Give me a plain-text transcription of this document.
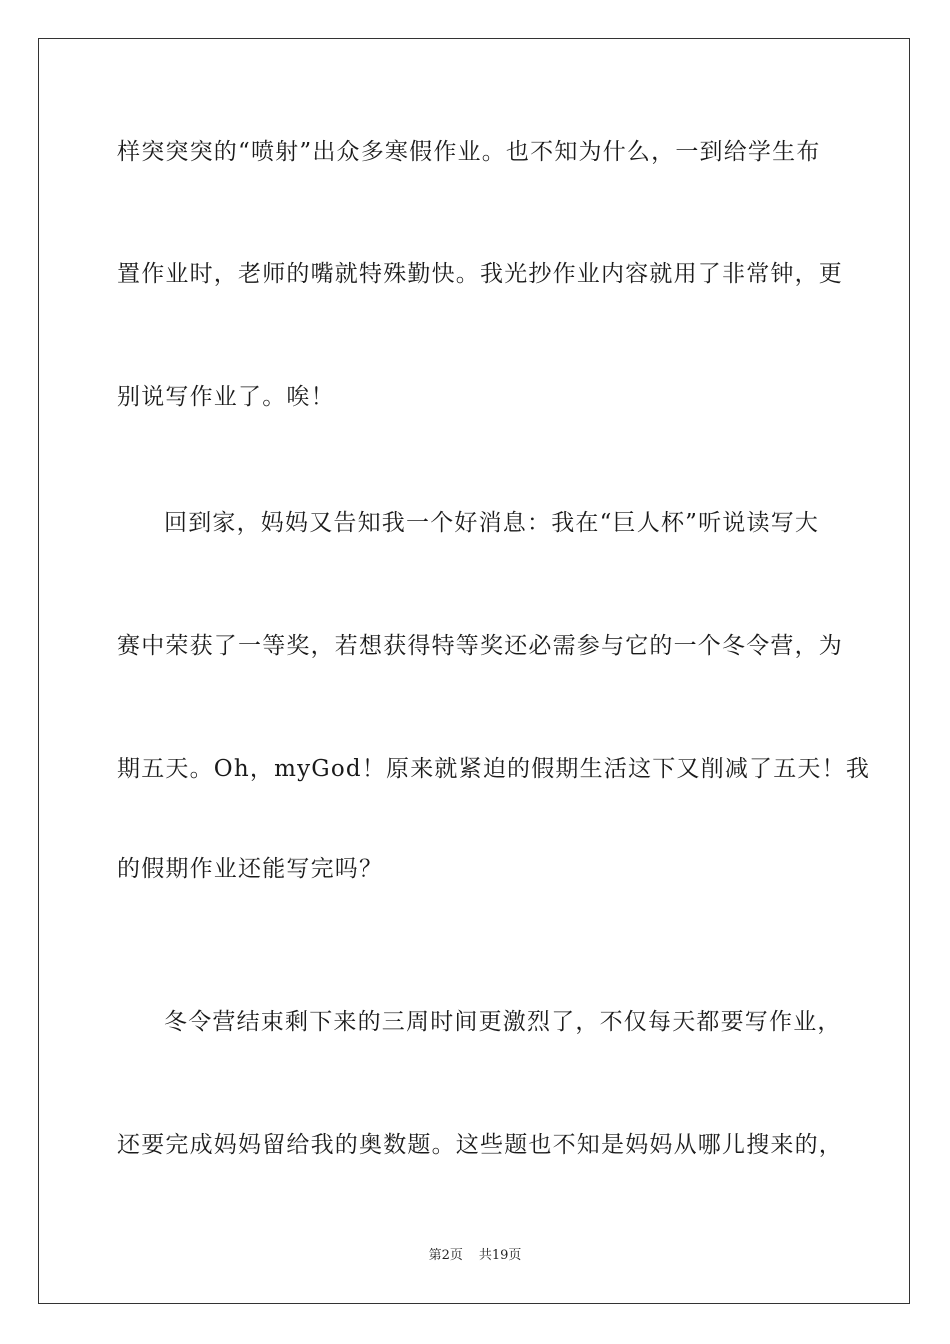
样突突突的“喷射”出众多寒假作业。也不知为什么，一到给学生布
置作业时，老师的嘴就特殊勤快。我光抄作业内容就用了非常钟，更
别说写作业了。唉！
回到家，妈妈又告知我一个好消息：我在“巨人杯”听说读写大
赛中荣获了一等奖，若想获得特等奖还必需参与它的一个冬令营，为
期五天。Oh，myGod！原来就紧迫的假期生活这下又削减了五天！我
的假期作业还能写完吗？
冬令营结束剩下来的三周时间更激烈了，不仅每天都要写作业，
还要完成妈妈留给我的奥数题。这些题也不知是妈妈从哪儿搜来的，
第2页 共19页
